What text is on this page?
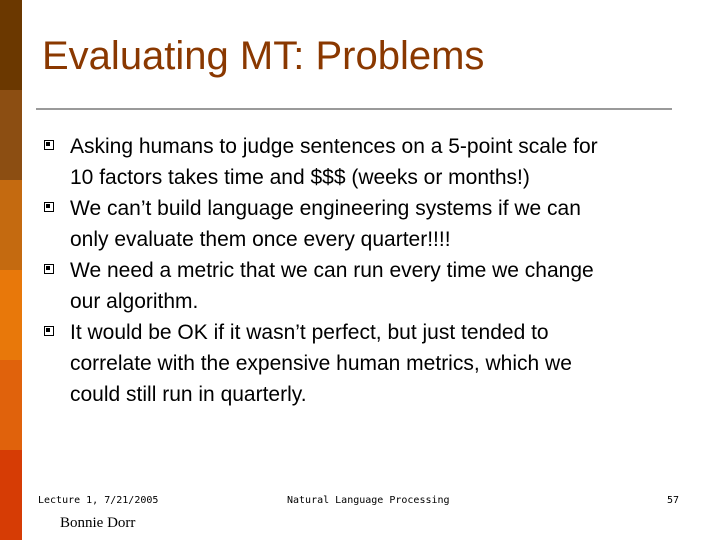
Evaluating MT: Problems
Asking humans to judge sentences on a 5-point scale for
10 factors takes time and $$$ (weeks or months!)
We can’t build language engineering systems if we can
only evaluate them once every quarter!!!!
We need a metric that we can run every time we change
our algorithm.
It would be OK if it wasn’t perfect, but just tended to
correlate with the expensive human metrics, which we
could still run in quarterly.
Lecture 1, 7/21/2005	Natural Language Processing	57
Bonnie Dorr
